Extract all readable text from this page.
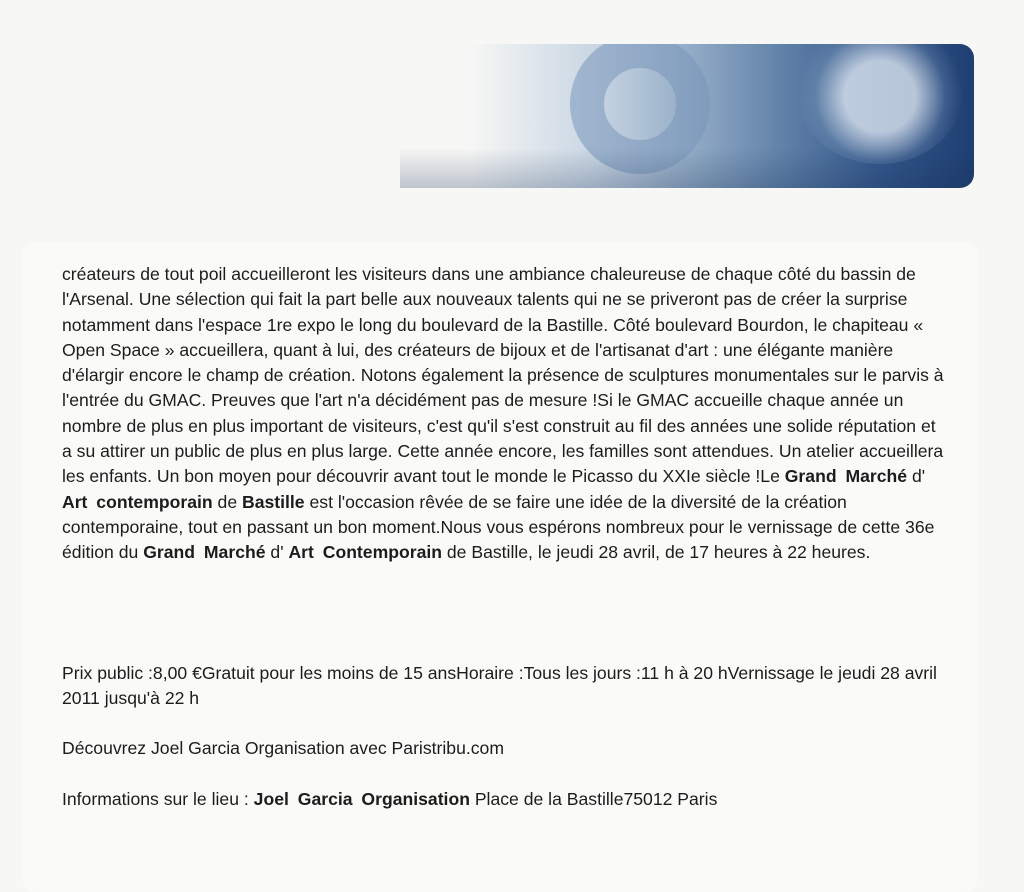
créateurs de tout poil accueilleront les visiteurs dans une ambiance chaleureuse de chaque côté du bassin de l'Arsenal. Une sélection qui fait la part belle aux nouveaux talents qui ne se priveront pas de créer la surprise notamment dans l'espace 1re expo le long du boulevard de la Bastille. Côté boulevard Bourdon, le chapiteau « Open Space » accueillera, quant à lui, des créateurs de bijoux et de l'artisanat d'art : une élégante manière d'élargir encore le champ de création. Notons également la présence de sculptures monumentales sur le parvis à l'entrée du GMAC. Preuves que l'art n'a décidément pas de mesure !Si le GMAC accueille chaque année un nombre de plus en plus important de visiteurs, c'est qu'il s'est construit au fil des années une solide réputation et a su attirer un public de plus en plus large. Cette année encore, les familles sont attendues. Un atelier accueillera les enfants. Un bon moyen pour découvrir avant tout le monde le Picasso du XXIe siècle !Le Grand Marché d' Art contemporain de Bastille est l'occasion rêvée de se faire une idée de la diversité de la création contemporaine, tout en passant un bon moment.Nous vous espérons nombreux pour le vernissage de cette 36e édition du Grand Marché d' Art Contemporain de Bastille, le jeudi 28 avril, de 17 heures à 22 heures.

Prix public :8,00 €Gratuit pour les moins de 15 ansHoraire :Tous les jours :11 h à 20 hVernissage le jeudi 28 avril 2011 jusqu'à 22 h

Découvrez Joel Garcia Organisation avec Paristribu.com

Informations sur le lieu : Joel Garcia Organisation Place de la Bastille75012 Paris
